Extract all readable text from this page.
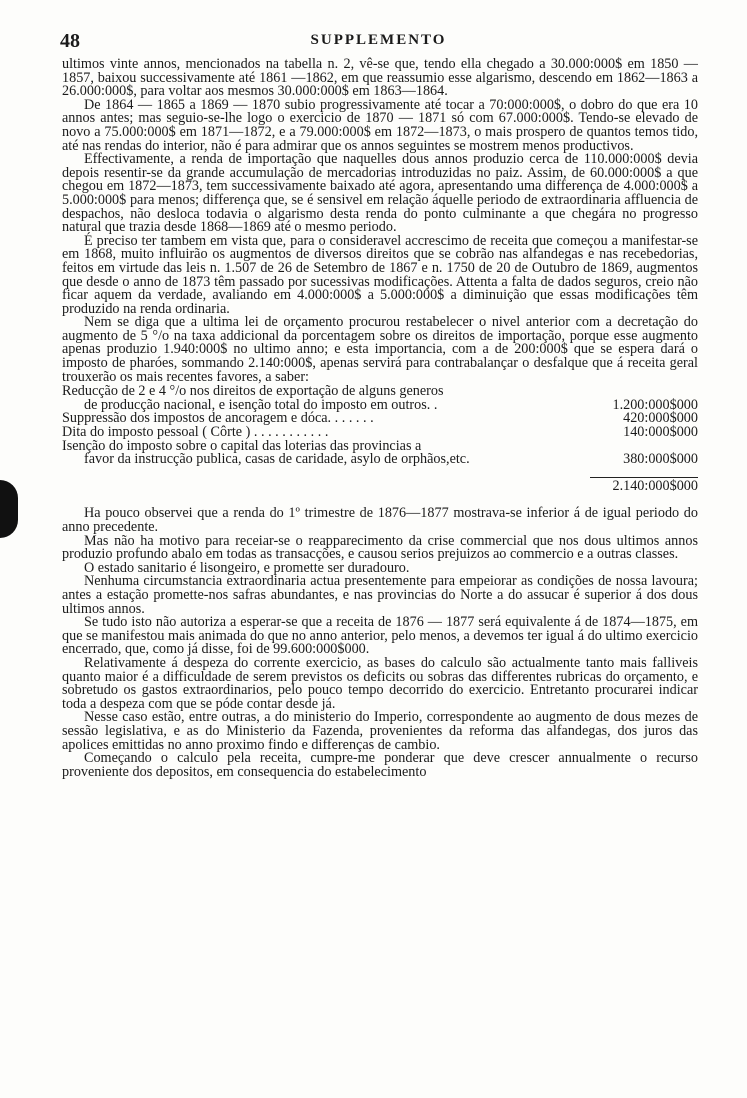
48	SUPPLEMENTO

ultimos vinte annos, mencionados na tabella n. 2, vê-se que, tendo ella chegado a 30.000:000$ em 1850 — 1857, baixou successivamente até 1861 —1862, em que reassumio esse algarismo, descendo em 1862—1863 a 26.000:000$, para voltar aos mesmos 30.000:000$ em 1863—1864.

De 1864 — 1865 a 1869 — 1870 subio progressivamente até tocar a 70:000:000$, o dobro do que era 10 annos antes; mas seguio-se-lhe logo o exercicio de 1870 — 1871 só com 67.000:000$. Tendo-se elevado de novo a 75.000:000$ em 1871—1872, e a 79.000:000$ em 1872—1873, o mais prospero de quantos temos tido, até nas rendas do interior, não é para admirar que os annos seguintes se mostrem menos productivos.

Effectivamente, a renda de importação que naquelles dous annos produzio cerca de 110.000:000$ devia depois resentir-se da grande accumulação de mercadorias introduzidas no paiz. Assim, de 60.000:000$ a que chegou em 1872—1873, tem successivamente baixado até agora, apresentando uma differença de 4.000:000$ a 5.000:000$ para menos; differença que, se é sensivel em relação áquelle periodo de extraordinaria affluencia de despachos, não desloca todavia o algarismo desta renda do ponto culminante a que chegára no progresso natural que trazia desde 1868—1869 até o mesmo periodo.

É preciso ter tambem em vista que, para o consideravel accrescimo de receita que começou a manifestar-se em 1868, muito influirão os augmentos de diversos direitos que se cobrão nas alfandegas e nas recebedorias, feitos em virtude das leis n. 1.507 de 26 de Setembro de 1867 e n. 1750 de 20 de Outubro de 1869, augmentos que desde o anno de 1873 têm passado por sucessivas modificações. Attenta a falta de dados seguros, creio não ficar aquem da verdade, avaliando em 4.000:000$ a 5.000:000$ a diminuição que essas modificações têm produzido na renda ordinaria.

Nem se diga que a ultima lei de orçamento procurou restabelecer o nivel anterior com a decretação do augmento de 5 °/o na taxa addicional da porcentagem sobre os direitos de importação, porque esse augmento apenas produzio 1.940:000$ no ultimo anno; e esta importancia, com a de 200:000$ que se espera dará o imposto de pharóes, sommando 2.140:000$, apenas servirá para contrabalançar o desfalque que á receita geral trouxerão os mais recentes favores, a saber:

Reducção de 2 e 4 °/o nos direitos de exportação de alguns generos
de producção nacional, e isenção total do imposto em outros. .	1.200:000$000
Suppressão dos impostos de ancoragem e dóca. . . . . . .	420:000$000
Dita do imposto pessoal ( Côrte ) . . . . . . . . . . .	140:000$000
Isenção do imposto sobre o capital das loterias das provincias a
favor da instrucção publica, casas de caridade, asylo de orphãos,etc.	380:000$000
2.140:000$000

Ha pouco observei que a renda do 1º trimestre de 1876—1877 mostrava-se inferior á de igual periodo do anno precedente.

Mas não ha motivo para receiar-se o reapparecimento da crise commercial que nos dous ultimos annos produzio profundo abalo em todas as transacções, e causou serios prejuizos ao commercio e a outras classes.

O estado sanitario é lisongeiro, e promette ser duradouro.

Nenhuma circumstancia extraordinaria actua presentemente para empeiorar as condições de nossa lavoura; antes a estação promette-nos safras abundantes, e nas provincias do Norte a do assucar é superior á dos dous ultimos annos.

Se tudo isto não autoriza a esperar-se que a receita de 1876 — 1877 será equivalente á de 1874—1875, em que se manifestou mais animada do que no anno anterior, pelo menos, a devemos ter igual á do ultimo exercicio encerrado, que, como já disse, foi de 99.600:000$000.

Relativamente á despeza do corrente exercicio, as bases do calculo são actualmente tanto mais falliveis quanto maior é a difficuldade de serem previstos os deficits ou sobras das differentes rubricas do orçamento, e sobretudo os gastos extraordinarios, pelo pouco tempo decorrido do exercicio. Entretanto procurarei indicar toda a despeza com que se póde contar desde já.

Nesse caso estão, entre outras, a do ministerio do Imperio, correspondente ao augmento de dous mezes de sessão legislativa, e as do Ministerio da Fazenda, provenientes da reforma das alfandegas, dos juros das apolices emittidas no anno proximo findo e differenças de cambio.

Começando o calculo pela receita, cumpre-me ponderar que deve crescer annualmente o recurso proveniente dos depositos, em consequencia do estabelecimento
